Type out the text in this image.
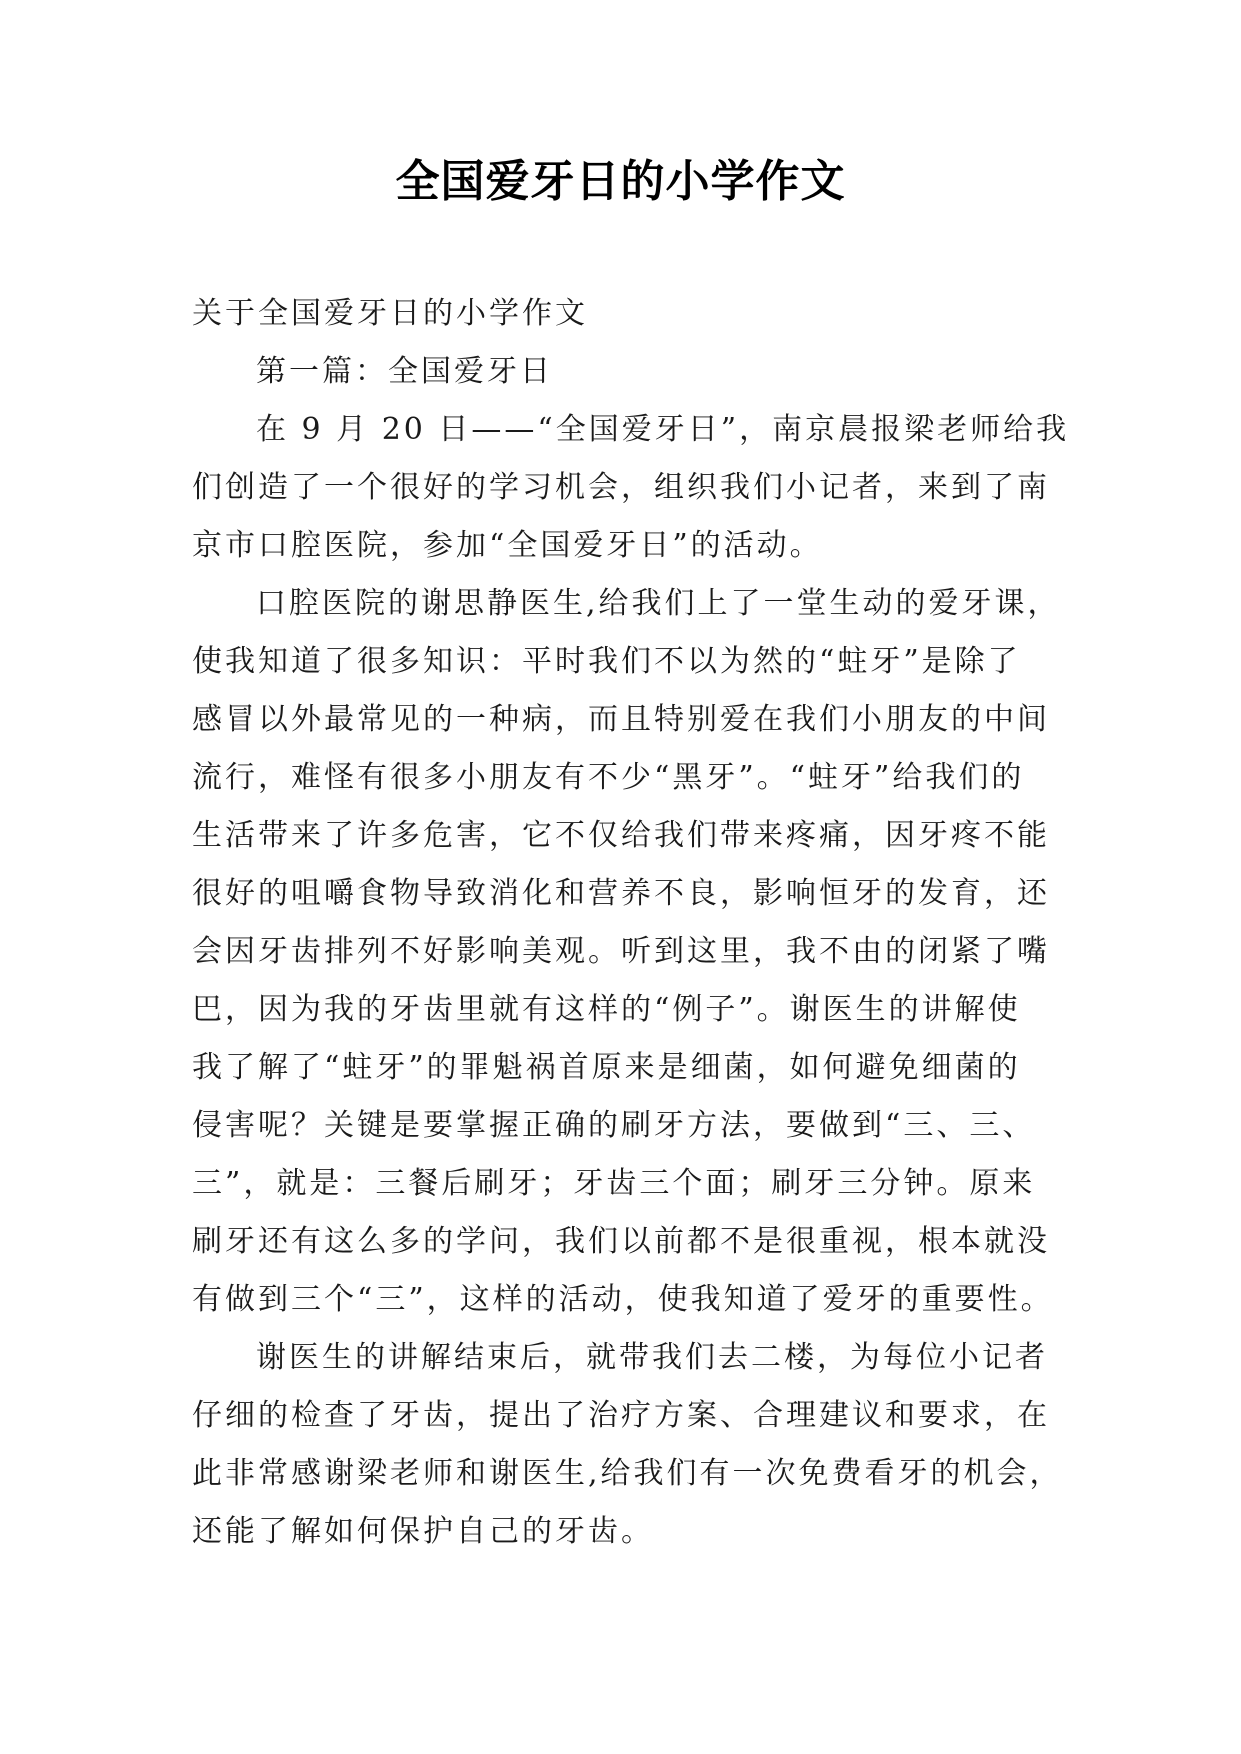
全国爱牙日的小学作文

关于全国爱牙日的小学作文

第一篇：全国爱牙日

在 9 月 20 日——“全国爱牙日”，南京晨报梁老师给我
们创造了一个很好的学习机会，组织我们小记者，来到了南
京市口腔医院，参加“全国爱牙日”的活动。

口腔医院的谢思静医生,给我们上了一堂生动的爱牙课，
使我知道了很多知识：平时我们不以为然的“蛀牙”是除了
感冒以外最常见的一种病，而且特别爱在我们小朋友的中间
流行，难怪有很多小朋友有不少“黑牙”。“蛀牙”给我们的
生活带来了许多危害，它不仅给我们带来疼痛，因牙疼不能
很好的咀嚼食物导致消化和营养不良，影响恒牙的发育，还
会因牙齿排列不好影响美观。听到这里，我不由的闭紧了嘴
巴，因为我的牙齿里就有这样的“例子”。谢医生的讲解使
我了解了“蛀牙”的罪魁祸首原来是细菌，如何避免细菌的
侵害呢？关键是要掌握正确的刷牙方法，要做到“三、三、
三”，就是：三餐后刷牙；牙齿三个面；刷牙三分钟。原来
刷牙还有这么多的学问，我们以前都不是很重视，根本就没
有做到三个“三”，这样的活动，使我知道了爱牙的重要性。

谢医生的讲解结束后，就带我们去二楼，为每位小记者
仔细的检查了牙齿，提出了治疗方案、合理建议和要求，在
此非常感谢梁老师和谢医生,给我们有一次免费看牙的机会，
还能了解如何保护自己的牙齿。
